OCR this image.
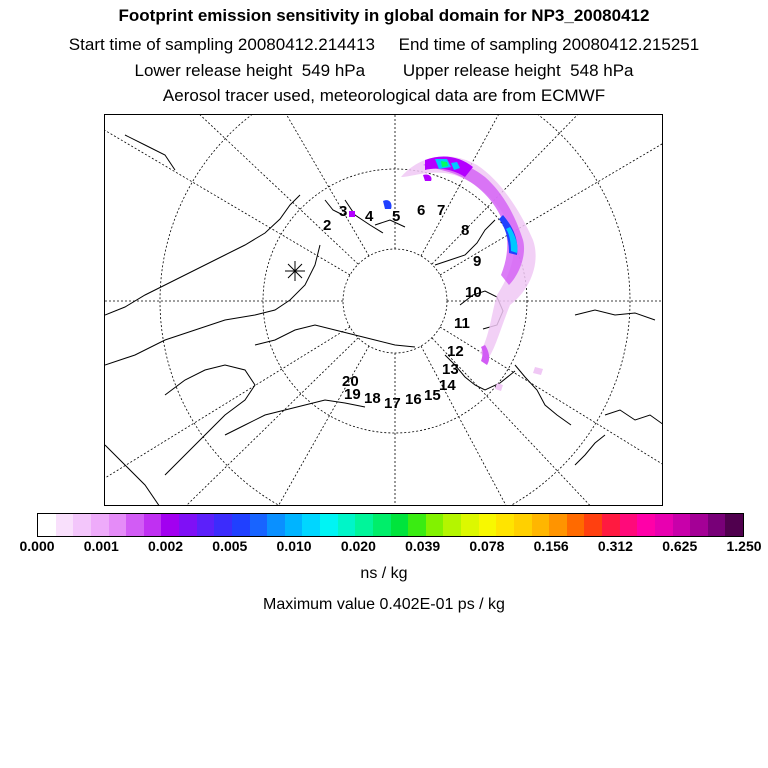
Footprint emission sensitivity in global domain for NP3_20080412
Start time of sampling 20080412.214413 End time of sampling 20080412.215251
Lower release height  549 hPa Upper release height  548 hPa
Aerosol tracer used, meteorological data are from ECMWF
2
3 4 5 6 7
8
9
10
11
12
13
14
15
16
17
18
19
20
0.000 0.001 0.002 0.005 0.010 0.020 0.039 0.078 0.156 0.312 0.625 1.250
ns / kg
Maximum value 0.402E-01 ps / kg
